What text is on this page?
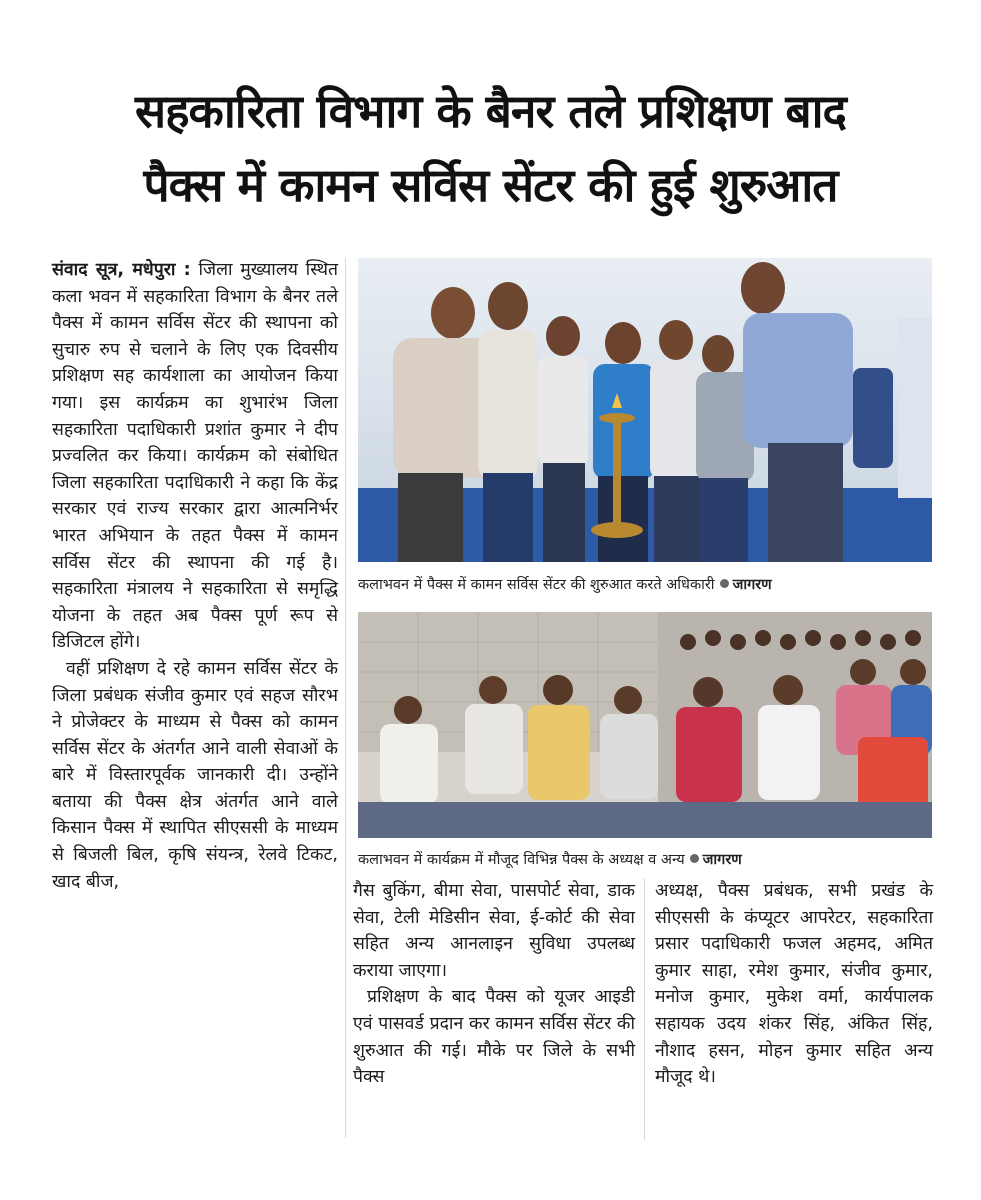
सहकारिता विभाग के बैनर तले प्रशिक्षण बाद
पैक्स में कामन सर्विस सेंटर की हुई शुरुआत

संवाद सूत्र, मधेपुरा : जिला मुख्यालय स्थित कला भवन में सहकारिता विभाग के बैनर तले पैक्स में कामन सर्विस सेंटर की स्थापना को सुचारु रुप से चलाने के लिए एक दिवसीय प्रशिक्षण सह कार्यशाला का आयोजन किया गया। इस कार्यक्रम का शुभारंभ जिला सहकारिता पदाधिकारी प्रशांत कुमार ने दीप प्रज्वलित कर किया। कार्यक्रम को संबोधित जिला सहकारिता पदाधिकारी ने कहा कि केंद्र सरकार एवं राज्य सरकार द्वारा आत्मनिर्भर भारत अभियान के तहत पैक्स में कामन सर्विस सेंटर की स्थापना की गई है। सहकारिता मंत्रालय ने सहकारिता से समृद्धि योजना के तहत अब पैक्स पूर्ण रूप से डिजिटल होंगे।

वहीं प्रशिक्षण दे रहे कामन सर्विस सेंटर के जिला प्रबंधक संजीव कुमार एवं सहज सौरभ ने प्रोजेक्टर के माध्यम से पैक्स को कामन सर्विस सेंटर के अंतर्गत आने वाली सेवाओं के बारे में विस्तारपूर्वक जानकारी दी। उन्होंने बताया की पैक्स क्षेत्र अंतर्गत आने वाले किसान पैक्स में स्थापित सीएससी के माध्यम से बिजली बिल, कृषि संयन्त्र, रेलवे टिकट, खाद बीज,

कलाभवन में पैक्स में कामन सर्विस सेंटर की शुरुआत करते अधिकारी जागरण
कलाभवन में कार्यक्रम में मौजूद विभिन्न पैक्स के अध्यक्ष व अन्य जागरण

गैस बुकिंग, बीमा सेवा, पासपोर्ट सेवा, डाक सेवा, टेली मेडिसीन सेवा, ई-कोर्ट की सेवा सहित अन्य आनलाइन सुविधा उपलब्ध कराया जाएगा।

प्रशिक्षण के बाद पैक्स को यूजर आइडी एवं पासवर्ड प्रदान कर कामन सर्विस सेंटर की शुरुआत की गई। मौके पर जिले के सभी पैक्स

अध्यक्ष, पैक्स प्रबंधक, सभी प्रखंड के सीएससी के कंप्यूटर आपरेटर, सहकारिता प्रसार पदाधिकारी फजल अहमद, अमित कुमार साहा, रमेश कुमार, संजीव कुमार, मनोज कुमार, मुकेश वर्मा, कार्यपालक सहायक उदय शंकर सिंह, अंकित सिंह, नौशाद हसन, मोहन कुमार सहित अन्य मौजूद थे।
